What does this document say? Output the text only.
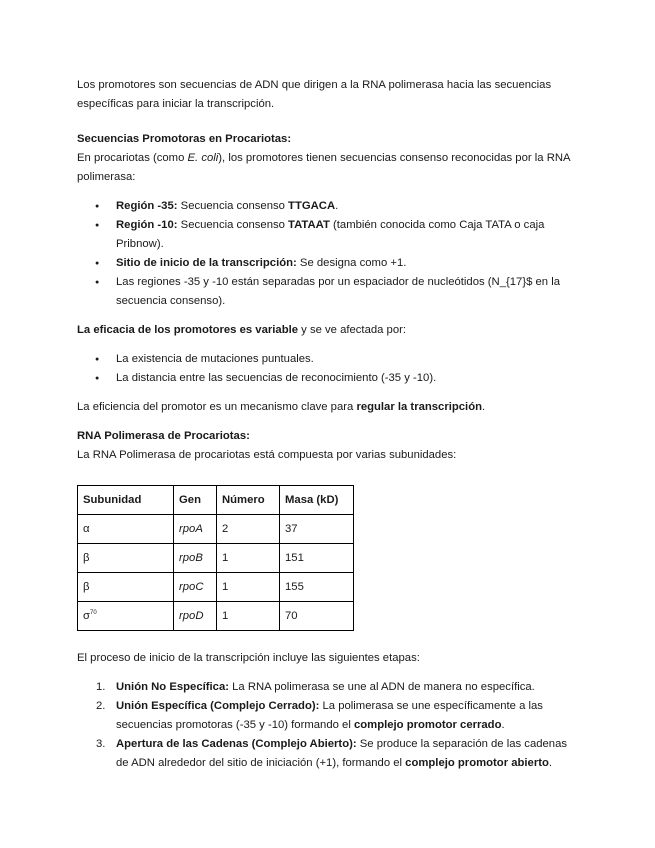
Los promotores son secuencias de ADN que dirigen a la RNA polimerasa hacia las secuencias específicas para iniciar la transcripción.

Secuencias Promotoras en Procariotas:

En procariotas (como E. coli), los promotores tienen secuencias consenso reconocidas por la RNA polimerasa:

● Región -35: Secuencia consenso TTGACA.
● Región -10: Secuencia consenso TATAAT (también conocida como Caja TATA o caja Pribnow).
● Sitio de inicio de la transcripción: Se designa como +1.
● Las regiones -35 y -10 están separadas por un espaciador de nucleótidos (N_{17}$ en la secuencia consenso).

La eficacia de los promotores es variable y se ve afectada por:

● La existencia de mutaciones puntuales.
● La distancia entre las secuencias de reconocimiento (-35 y -10).

La eficiencia del promotor es un mecanismo clave para regular la transcripción.

RNA Polimerasa de Procariotas:

La RNA Polimerasa de procariotas está compuesta por varias subunidades:

Subunidad	Gen	Número	Masa (kD)
α	rpoA	2	37
β	rpoB	1	151
β	rpoC	1	155
$\sigma^{70}$	rpoD	1	70

El proceso de inicio de la transcripción incluye las siguientes etapas:

1. Unión No Específica: La RNA polimerasa se une al ADN de manera no específica.
2. Unión Específica (Complejo Cerrado): La polimerasa se une específicamente a las secuencias promotoras (-35 y -10) formando el complejo promotor cerrado.
3. Apertura de las Cadenas (Complejo Abierto): Se produce la separación de las cadenas de ADN alrededor del sitio de iniciación (+1), formando el complejo promotor abierto.
